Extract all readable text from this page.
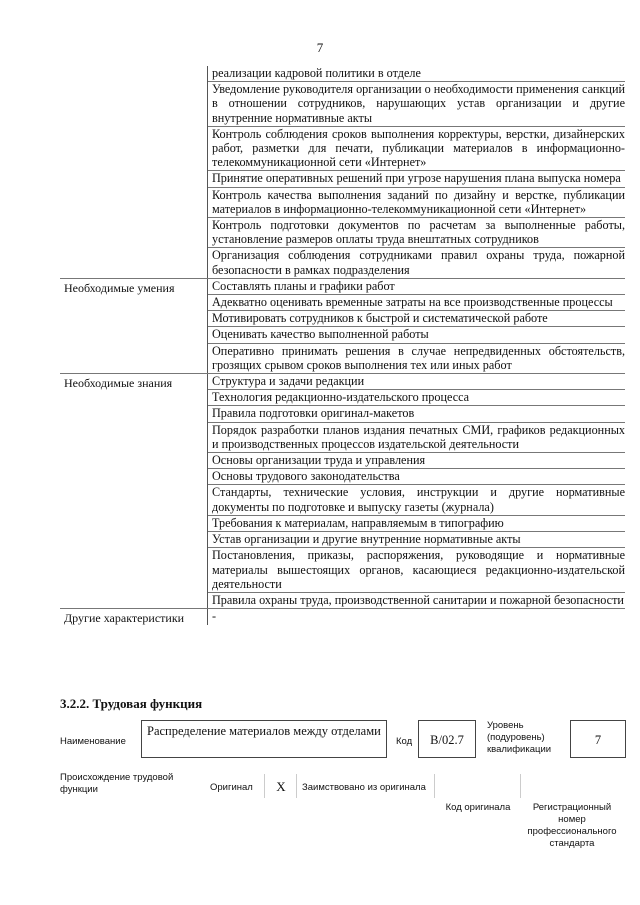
7
реализации кадровой политики в отделе
Уведомление руководителя организации о необходимости применения санкций в отношении сотрудников, нарушающих устав организации и другие внутренние нормативные акты
Контроль соблюдения сроков выполнения корректуры, верстки, дизайнерских работ, разметки для печати, публикации материалов в информационно-телекоммуникационной сети «Интернет»
Принятие оперативных решений при угрозе нарушения плана выпуска номера
Контроль качества выполнения заданий по дизайну и верстке, публикации материалов в информационно-телекоммуникационной сети «Интернет»
Контроль подготовки документов по расчетам за выполненные работы, установление размеров оплаты труда внештатных сотрудников
Организация соблюдения сотрудниками правил охраны труда, пожарной безопасности в рамках подразделения
Необходимые умения	Составлять планы и графики работ
Адекватно оценивать временные затраты на все производственные процессы
Мотивировать сотрудников к быстрой и систематической работе
Оценивать качество выполненной работы
Оперативно принимать решения в случае непредвиденных обстоятельств, грозящих срывом сроков выполнения тех или иных работ
Необходимые знания	Структура и задачи редакции
Технология редакционно-издательского процесса
Правила подготовки оригинал-макетов
Порядок разработки планов издания печатных СМИ, графиков редакционных и производственных процессов издательской деятельности
Основы организации труда и управления
Основы трудового законодательства
Стандарты, технические условия, инструкции и другие нормативные документы по подготовке и выпуску газеты (журнала)
Требования к материалам, направляемым в типографию
Устав организации и другие внутренние нормативные акты
Постановления, приказы, распоряжения, руководящие и нормативные материалы вышестоящих органов, касающиеся редакционно-издательской деятельности
Правила охраны труда, производственной санитарии и пожарной безопасности
Другие характеристики	-
3.2.2. Трудовая функция
Наименование
Распределение материалов между отделами
Код	B/02.7
Уровень (подуровень) квалификации
7
Происхождение трудовой функции	Оригинал	X	Заимствовано из оригинала
Код оригинала	Регистрационный номер профессионального стандарта
